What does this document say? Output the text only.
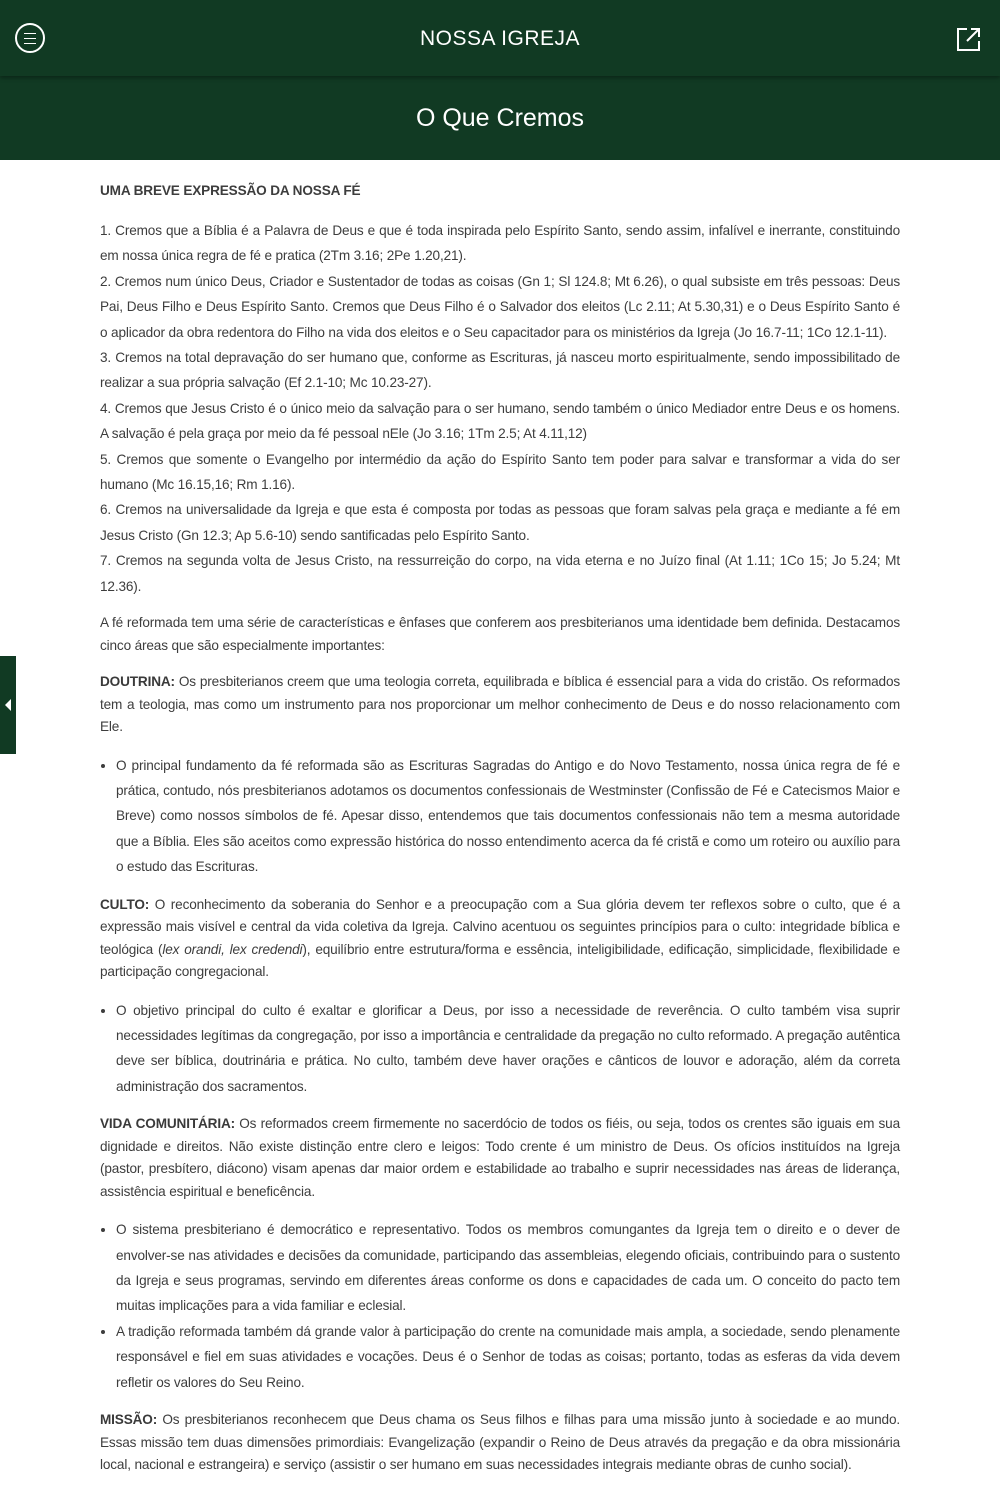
NOSSA IGREJA
O Que Cremos

UMA BREVE EXPRESSÃO DA NOSSA FÉ

1. Cremos que a Bíblia é a Palavra de Deus e que é toda inspirada pelo Espírito Santo, sendo assim, infalível e inerrante, constituindo em nossa única regra de fé e pratica (2Tm 3.16; 2Pe 1.20,21).

2. Cremos num único Deus, Criador e Sustentador de todas as coisas (Gn 1; Sl 124.8; Mt 6.26), o qual subsiste em três pessoas: Deus Pai, Deus Filho e Deus Espírito Santo. Cremos que Deus Filho é o Salvador dos eleitos (Lc 2.11; At 5.30,31) e o Deus Espírito Santo é o aplicador da obra redentora do Filho na vida dos eleitos e o Seu capacitador para os ministérios da Igreja (Jo 16.7-11; 1Co 12.1-11).

3. Cremos na total depravação do ser humano que, conforme as Escrituras, já nasceu morto espiritualmente, sendo impossibilitado de realizar a sua própria salvação (Ef 2.1-10; Mc 10.23-27).

4. Cremos que Jesus Cristo é o único meio da salvação para o ser humano, sendo também o único Mediador entre Deus e os homens. A salvação é pela graça por meio da fé pessoal nEle (Jo 3.16; 1Tm 2.5; At 4.11,12)

5. Cremos que somente o Evangelho por intermédio da ação do Espírito Santo tem poder para salvar e transformar a vida do ser humano (Mc 16.15,16; Rm 1.16).

6. Cremos na universalidade da Igreja e que esta é composta por todas as pessoas que foram salvas pela graça e mediante a fé em Jesus Cristo (Gn 12.3; Ap 5.6-10) sendo santificadas pelo Espírito Santo.

7. Cremos na segunda volta de Jesus Cristo, na ressurreição do corpo, na vida eterna e no Juízo final (At 1.11; 1Co 15; Jo 5.24; Mt 12.36).

A fé reformada tem uma série de características e ênfases que conferem aos presbiterianos uma identidade bem definida. Destacamos cinco áreas que são especialmente importantes:

DOUTRINA: Os presbiterianos creem que uma teologia correta, equilibrada e bíblica é essencial para a vida do cristão. Os reformados tem a teologia, mas como um instrumento para nos proporcionar um melhor conhecimento de Deus e do nosso relacionamento com Ele.

• O principal fundamento da fé reformada são as Escrituras Sagradas do Antigo e do Novo Testamento, nossa única regra de fé e prática, contudo, nós presbiterianos adotamos os documentos confessionais de Westminster (Confissão de Fé e Catecismos Maior e Breve) como nossos símbolos de fé. Apesar disso, entendemos que tais documentos confessionais não tem a mesma autoridade que a Bíblia. Eles são aceitos como expressão histórica do nosso entendimento acerca da fé cristã e como um roteiro ou auxílio para o estudo das Escrituras.

CULTO: O reconhecimento da soberania do Senhor e a preocupação com a Sua glória devem ter reflexos sobre o culto, que é a expressão mais visível e central da vida coletiva da Igreja. Calvino acentuou os seguintes princípios para o culto: integridade bíblica e teológica (lex orandi, lex credendi), equilíbrio entre estrutura/forma e essência, inteligibilidade, edificação, simplicidade, flexibilidade e participação congregacional.

• O objetivo principal do culto é exaltar e glorificar a Deus, por isso a necessidade de reverência. O culto também visa suprir necessidades legítimas da congregação, por isso a importância e centralidade da pregação no culto reformado. A pregação autêntica deve ser bíblica, doutrinária e prática. No culto, também deve haver orações e cânticos de louvor e adoração, além da correta administração dos sacramentos.

VIDA COMUNITÁRIA: Os reformados creem firmemente no sacerdócio de todos os fiéis, ou seja, todos os crentes são iguais em sua dignidade e direitos. Não existe distinção entre clero e leigos: Todo crente é um ministro de Deus. Os ofícios instituídos na Igreja (pastor, presbítero, diácono) visam apenas dar maior ordem e estabilidade ao trabalho e suprir necessidades nas áreas de liderança, assistência espiritual e beneficência.

• O sistema presbiteriano é democrático e representativo. Todos os membros comungantes da Igreja tem o direito e o dever de envolver-se nas atividades e decisões da comunidade, participando das assembleias, elegendo oficiais, contribuindo para o sustento da Igreja e seus programas, servindo em diferentes áreas conforme os dons e capacidades de cada um. O conceito do pacto tem muitas implicações para a vida familiar e eclesial.
• A tradição reformada também dá grande valor à participação do crente na comunidade mais ampla, a sociedade, sendo plenamente responsável e fiel em suas atividades e vocações. Deus é o Senhor de todas as coisas; portanto, todas as esferas da vida devem refletir os valores do Seu Reino.

MISSÃO: Os presbiterianos reconhecem que Deus chama os Seus filhos e filhas para uma missão junto à sociedade e ao mundo. Essas missão tem duas dimensões primordiais: Evangelização (expandir o Reino de Deus através da pregação e da obra missionária local, nacional e estrangeira) e serviço (assistir o ser humano em suas necessidades integrais mediante obras de cunho social).
